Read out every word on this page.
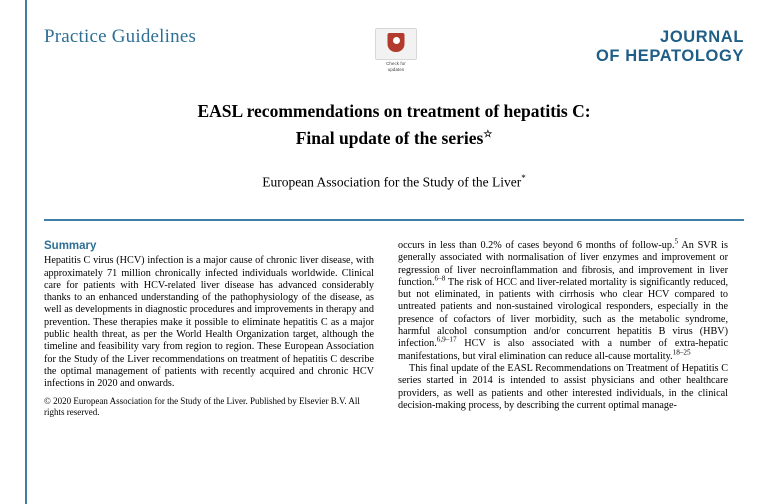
Practice Guidelines
Check for
updates
JOURNAL
OF HEPATOLOGY
EASL recommendations on treatment of hepatitis C:
Final update of the series☆
European Association for the Study of the Liver*
Summary

Hepatitis C virus (HCV) infection is a major cause of chronic liver disease, with approximately 71 million chronically infected individuals worldwide. Clinical care for patients with HCV-related liver disease has advanced considerably thanks to an enhanced understanding of the pathophysiology of the disease, as well as developments in diagnostic procedures and improvements in therapy and prevention. These therapies make it possible to eliminate hepatitis C as a major public health threat, as per the World Health Organization target, although the timeline and feasibility vary from region to region. These European Association for the Study of the Liver recommendations on treatment of hepatitis C describe the optimal management of patients with recently acquired and chronic HCV infections in 2020 and onwards.

© 2020 European Association for the Study of the Liver. Published by Elsevier B.V. All rights reserved.

occurs in less than 0.2% of cases beyond 6 months of follow-up.$^5$ An SVR is generally associated with normalisation of liver enzymes and improvement or regression of liver necroinflammation and fibrosis, and improvement in liver function.$^{6-8}$ The risk of HCC and liver-related mortality is significantly reduced, but not eliminated, in patients with cirrhosis who clear HCV compared to untreated patients and non-sustained virological responders, especially in the presence of cofactors of liver morbidity, such as the metabolic syndrome, harmful alcohol consumption and/or concurrent hepatitis B virus (HBV) infection.$^{6,9-17}$ HCV is also associated with a number of extra-hepatic manifestations, but viral elimination can reduce all-cause mortality.$^{18-25}$

This final update of the EASL Recommendations on Treatment of Hepatitis C series started in 2014 is intended to assist physicians and other healthcare providers, as well as patients and other interested individuals, in the clinical decision-making process, by describing the current optimal manage-
